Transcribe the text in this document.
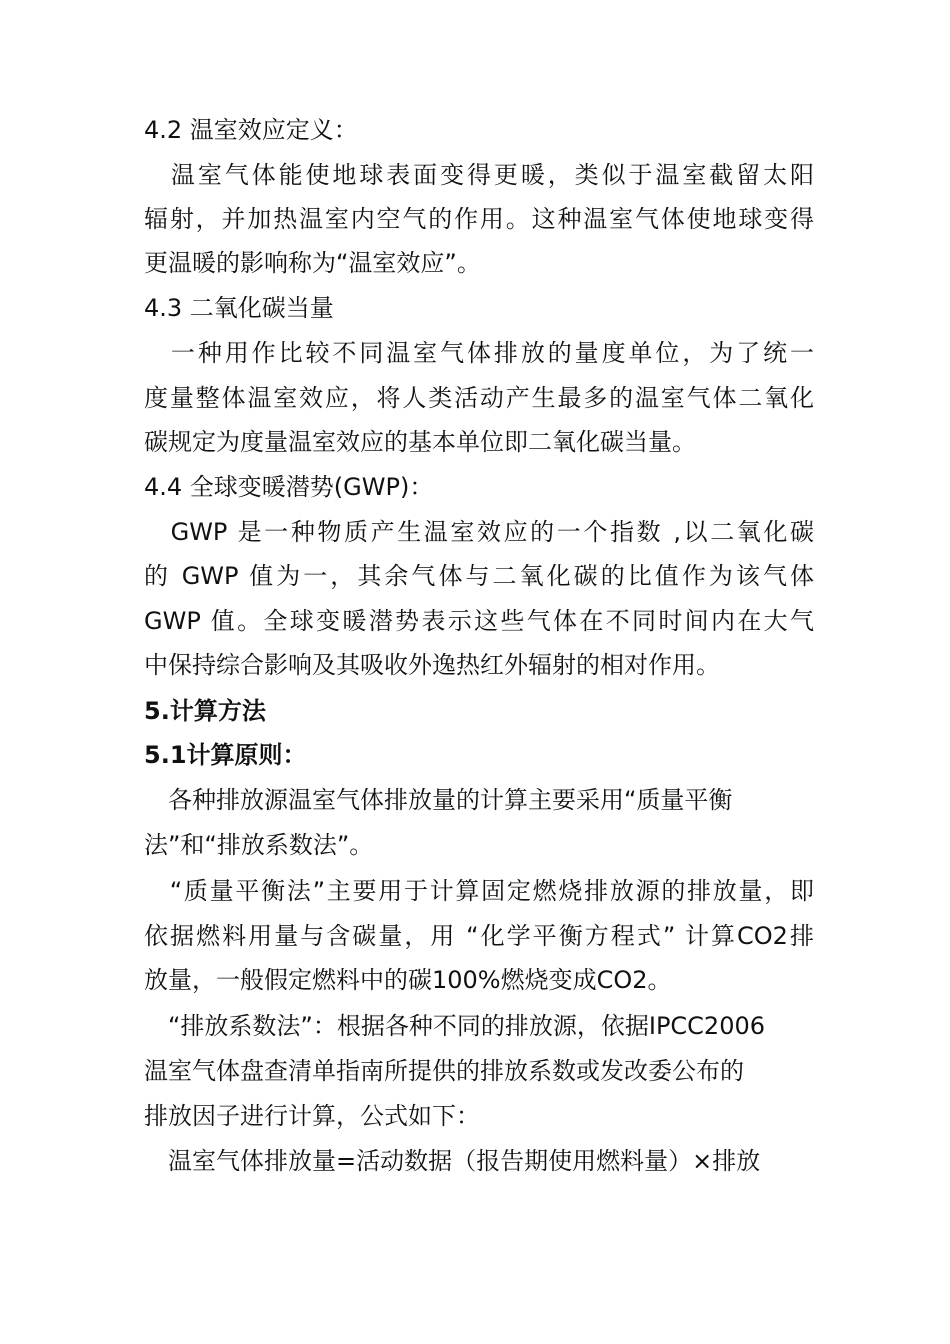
4.2 温室效应定义：
　温室气体能使地球表面变得更暖，类似于温室截留太阳
辐射，并加热温室内空气的作用。这种温室气体使地球变得
更温暖的影响称为“温室效应”。
4.3 二氧化碳当量
　一种用作比较不同温室气体排放的量度单位，为了统一
度量整体温室效应，将人类活动产生最多的温室气体二氧化
碳规定为度量温室效应的基本单位即二氧化碳当量。
4.4 全球变暖潜势(GWP)：
　GWP 是一种物质产生温室效应的一个指数 ,以二氧化碳
的 GWP 值为一，其余气体与二氧化碳的比值作为该气体
GWP 值。全球变暖潜势表示这些气体在不同时间内在大气
中保持综合影响及其吸收外逸热红外辐射的相对作用。
5.计算方法
5.1计算原则：
　各种排放源温室气体排放量的计算主要采用“质量平衡
法”和“排放系数法”。
　“质量平衡法”主要用于计算固定燃烧排放源的排放量，即
依据燃料用量与含碳量，用 “化学平衡方程式” 计算CO2排
放量，一般假定燃料中的碳100%燃烧变成CO2。
　“排放系数法”：根据各种不同的排放源，依据IPCC2006
温室气体盘查清单指南所提供的排放系数或发改委公布的
排放因子进行计算，公式如下：
　温室气体排放量=活动数据（报告期使用燃料量）×排放
